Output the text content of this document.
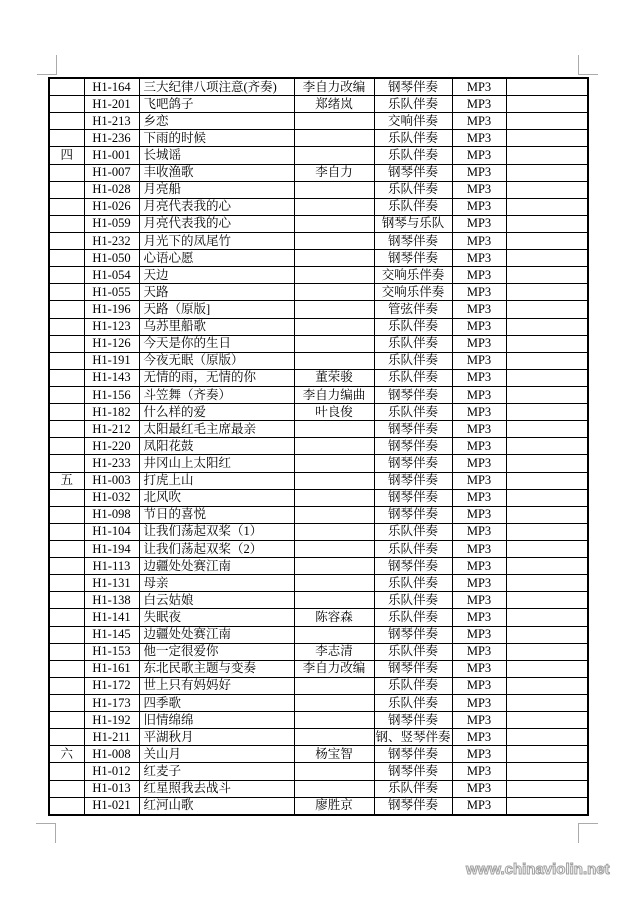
	H1-164	三大纪律八项注意(齐奏)	李自力改编	钢琴伴奏	MP3	
	H1-201	飞吧鸽子	郑绪岚	乐队伴奏	MP3	
	H1-213	乡恋		交响伴奏	MP3	
	H1-236	下雨的时候		乐队伴奏	MP3	
四	H1-001	长城谣		乐队伴奏	MP3	
	H1-007	丰收渔歌	李自力	钢琴伴奏	MP3	
	H1-028	月亮船		乐队伴奏	MP3	
	H1-026	月亮代表我的心		乐队伴奏	MP3	
	H1-059	月亮代表我的心		钢琴与乐队	MP3	
	H1-232	月光下的凤尾竹		钢琴伴奏	MP3	
	H1-050	心语心愿		钢琴伴奏	MP3	
	H1-054	天边		交响乐伴奏	MP3	
	H1-055	天路		交响乐伴奏	MP3	
	H1-196	天路（原版]		管弦伴奏	MP3	
	H1-123	乌苏里船歌		乐队伴奏	MP3	
	H1-126	今天是你的生日		乐队伴奏	MP3	
	H1-191	今夜无眠（原版）		乐队伴奏	MP3	
	H1-143	无情的雨，无情的你	董荣骏	乐队伴奏	MP3	
	H1-156	斗笠舞（齐奏）	李自力编曲	钢琴伴奏	MP3	
	H1-182	什么样的爱	叶良俊	乐队伴奏	MP3	
	H1-212	太阳最红毛主席最亲		钢琴伴奏	MP3	
	H1-220	凤阳花鼓		钢琴伴奏	MP3	
	H1-233	井冈山上太阳红		钢琴伴奏	MP3	
五	H1-003	打虎上山		钢琴伴奏	MP3	
	H1-032	北风吹		钢琴伴奏	MP3	
	H1-098	节日的喜悦		钢琴伴奏	MP3	
	H1-104	让我们荡起双桨（1）		乐队伴奏	MP3	
	H1-194	让我们荡起双桨（2）		乐队伴奏	MP3	
	H1-113	边疆处处赛江南		钢琴伴奏	MP3	
	H1-131	母亲		乐队伴奏	MP3	
	H1-138	白云姑娘		乐队伴奏	MP3	
	H1-141	失眠夜	陈容森	乐队伴奏	MP3	
	H1-145	边疆处处赛江南		钢琴伴奏	MP3	
	H1-153	他一定很爱你	李志清	乐队伴奏	MP3	
	H1-161	东北民歌主题与变奏	李自力改编	钢琴伴奏	MP3	
	H1-172	世上只有妈妈好		乐队伴奏	MP3	
	H1-173	四季歌		乐队伴奏	MP3	
	H1-192	旧情绵绵		钢琴伴奏	MP3	
	H1-211	平湖秋月		钢、竖琴伴奏	MP3	
六	H1-008	关山月	杨宝智	钢琴伴奏	MP3	
	H1-012	红麦子		钢琴伴奏	MP3	
	H1-013	红星照我去战斗		乐队伴奏	MP3	
	H1-021	红河山歌	廖胜京	钢琴伴奏	MP3	
www.chinaviolin.net
